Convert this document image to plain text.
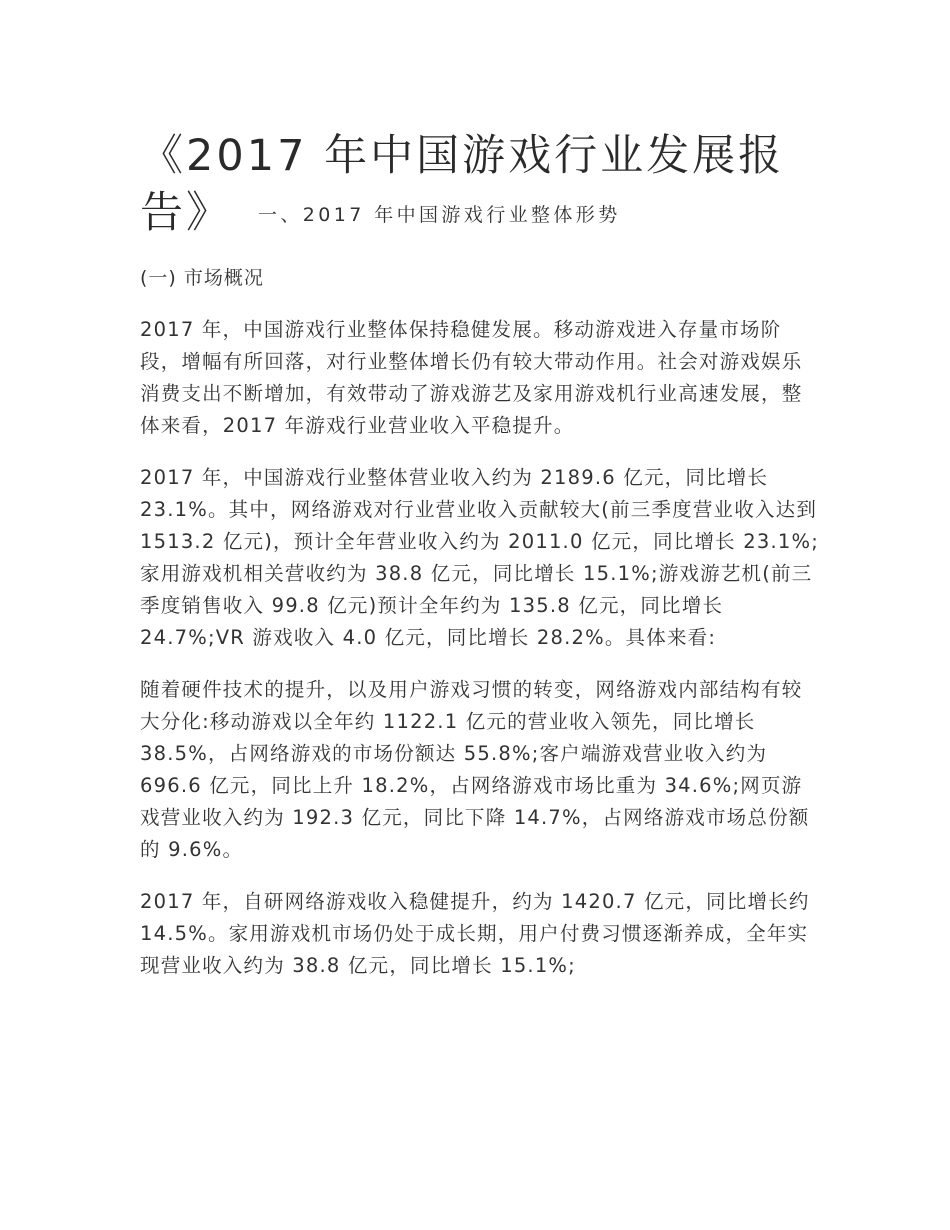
《2017 年中国游戏行业发展报告》 一、2017 年中国游戏行业整体形势

(一) 市场概况

2017 年，中国游戏行业整体保持稳健发展。移动游戏进入存量市场阶段，增幅有所回落，对行业整体增长仍有较大带动作用。社会对游戏娱乐消费支出不断增加，有效带动了游戏游艺及家用游戏机行业高速发展，整体来看，2017 年游戏行业营业收入平稳提升。

2017 年，中国游戏行业整体营业收入约为 2189.6 亿元，同比增长 23.1%。其中，网络游戏对行业营业收入贡献较大(前三季度营业收入达到 1513.2 亿元)，预计全年营业收入约为 2011.0 亿元，同比增长 23.1%;家用游戏机相关营收约为 38.8 亿元，同比增长 15.1%;游戏游艺机(前三季度销售收入 99.8 亿元)预计全年约为 135.8 亿元，同比增长 24.7%;VR 游戏收入 4.0 亿元，同比增长 28.2%。具体来看:

随着硬件技术的提升，以及用户游戏习惯的转变，网络游戏内部结构有较大分化:移动游戏以全年约 1122.1 亿元的营业收入领先，同比增长 38.5%，占网络游戏的市场份额达 55.8%;客户端游戏营业收入约为 696.6 亿元，同比上升 18.2%，占网络游戏市场比重为 34.6%;网页游戏营业收入约为 192.3 亿元，同比下降 14.7%，占网络游戏市场总份额的 9.6%。

2017 年，自研网络游戏收入稳健提升，约为 1420.7 亿元，同比增长约 14.5%。家用游戏机市场仍处于成长期，用户付费习惯逐渐养成，全年实现营业收入约为 38.8 亿元，同比增长 15.1%;
